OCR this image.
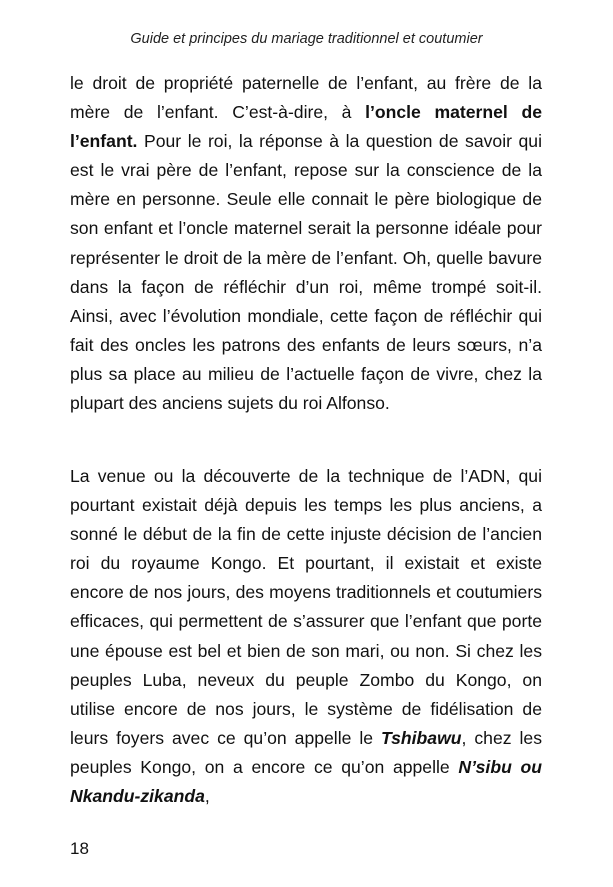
Guide et principes du mariage traditionnel et coutumier

le droit de propriété paternelle de l’enfant, au frère de la mère de l’enfant. C’est-à-dire, à l’oncle maternel de l’enfant. Pour le roi, la réponse à la question de savoir qui est le vrai père de l’enfant, repose sur la conscience de la mère en personne. Seule elle connait le père biologique de son enfant et l’oncle maternel serait la personne idéale pour représenter le droit de la mère de l’enfant. Oh, quelle bavure dans la façon de réfléchir d’un roi, même trompé soit-il. Ainsi, avec l’évolution mondiale, cette façon de réfléchir qui fait des oncles les patrons des enfants de leurs sœurs, n’a plus sa place au milieu de l’actuelle façon de vivre, chez la plupart des anciens sujets du roi Alfonso.

La venue ou la découverte de la technique de l’ADN, qui pourtant existait déjà depuis les temps les plus anciens, a sonné le début de la fin de cette injuste décision de l’ancien roi du royaume Kongo. Et pourtant, il existait et existe encore de nos jours, des moyens traditionnels et coutumiers efficaces, qui permettent de s’assurer que l’enfant que porte une épouse est bel et bien de son mari, ou non. Si chez les peuples Luba, neveux du peuple Zombo du Kongo, on utilise encore de nos jours, le système de fidélisation de leurs foyers avec ce qu’on appelle le Tshibawu, chez les peuples Kongo, on a encore ce qu’on appelle N’sibu ou Nkandu-zikanda,

18
